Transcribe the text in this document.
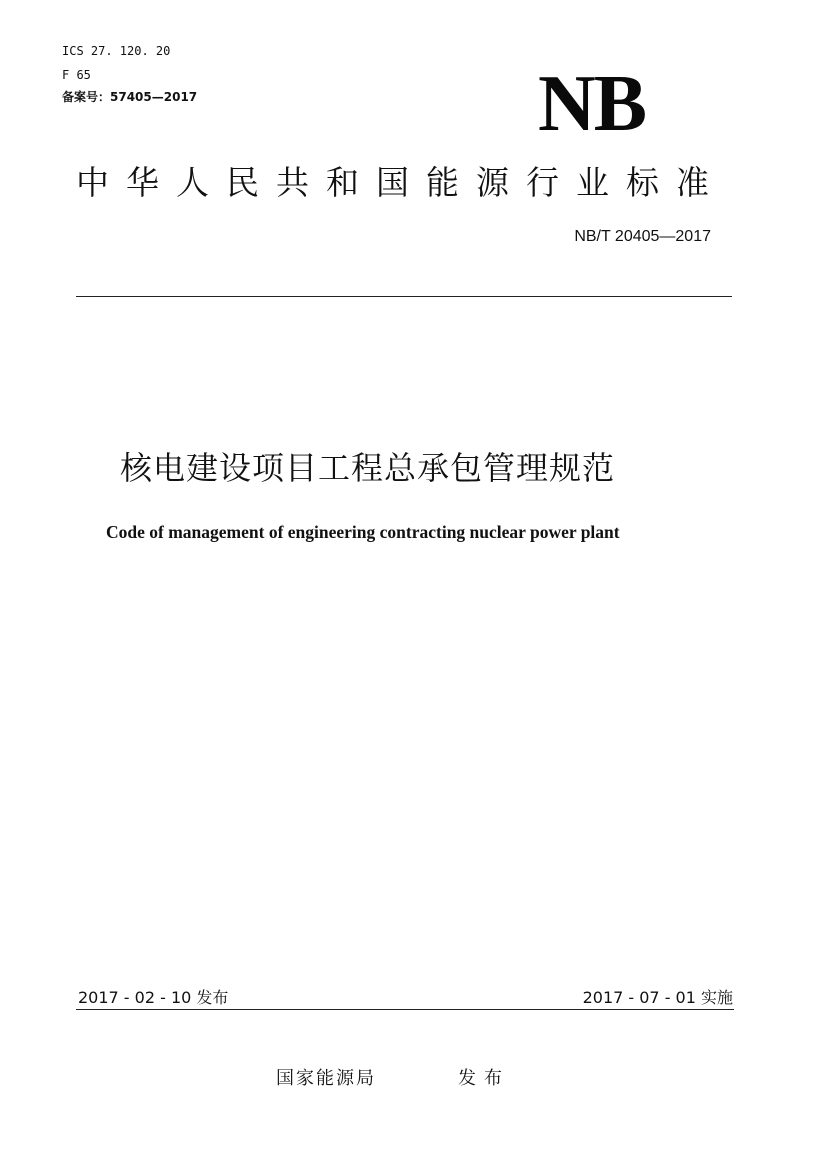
ICS 27. 120. 20
F 65
备案号：57405—2017	NB
中华人民共和国能源行业标准
NB/T 20405—2017
核电建设项目工程总承包管理规范
Code of management of engineering contracting nuclear power plant
2017 - 02 - 10 发布	2017 - 07 - 01 实施
国家能源局	发布
